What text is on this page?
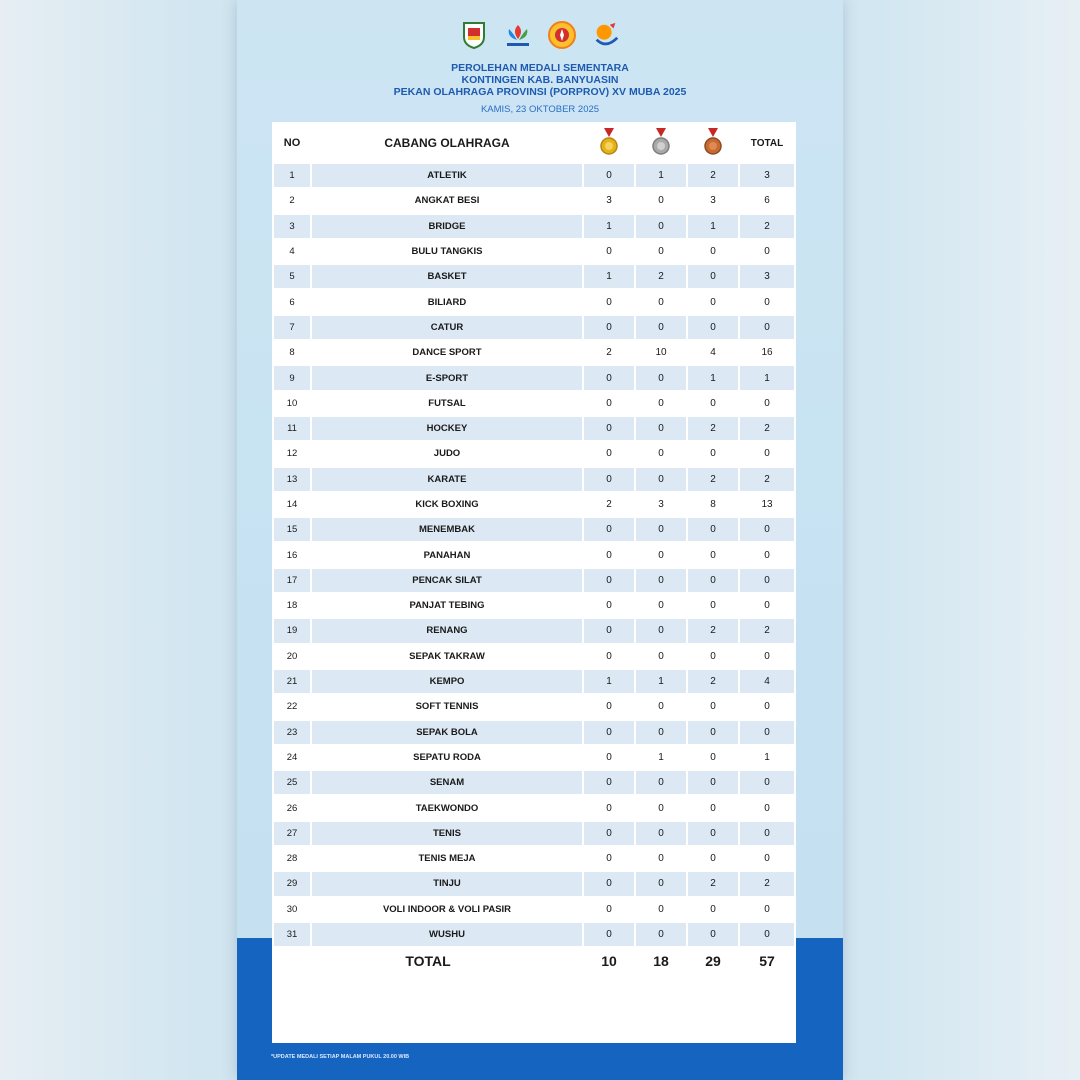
PEROLEHAN MEDALI SEMENTARA
KONTINGEN KAB. BANYUASIN
PEKAN OLAHRAGA PROVINSI (PORPROV) XV MUBA 2025
KAMIS, 23 OKTOBER 2025
NO	CABANG OLAHRAGA				TOTAL
1	ATLETIK	0	1	2	3
2	ANGKAT BESI	3	0	3	6
3	BRIDGE	1	0	1	2
4	BULU TANGKIS	0	0	0	0
5	BASKET	1	2	0	3
6	BILIARD	0	0	0	0
7	CATUR	0	0	0	0
8	DANCE SPORT	2	10	4	16
9	E-SPORT	0	0	1	1
10	FUTSAL	0	0	0	0
11	HOCKEY	0	0	2	2
12	JUDO	0	0	0	0
13	KARATE	0	0	2	2
14	KICK BOXING	2	3	8	13
15	MENEMBAK	0	0	0	0
16	PANAHAN	0	0	0	0
17	PENCAK SILAT	0	0	0	0
18	PANJAT TEBING	0	0	0	0
19	RENANG	0	0	2	2
20	SEPAK TAKRAW	0	0	0	0
21	KEMPO	1	1	2	4
22	SOFT TENNIS	0	0	0	0
23	SEPAK BOLA	0	0	0	0
24	SEPATU RODA	0	1	0	1
25	SENAM	0	0	0	0
26	TAEKWONDO	0	0	0	0
27	TENIS	0	0	0	0
28	TENIS MEJA	0	0	0	0
29	TINJU	0	0	2	2
30	VOLI INDOOR & VOLI PASIR	0	0	0	0
31	WUSHU	0	0	0	0
TOTAL		10	18	29	57
*UPDATE MEDALI SETIAP MALAM PUKUL 20.00 WIB
